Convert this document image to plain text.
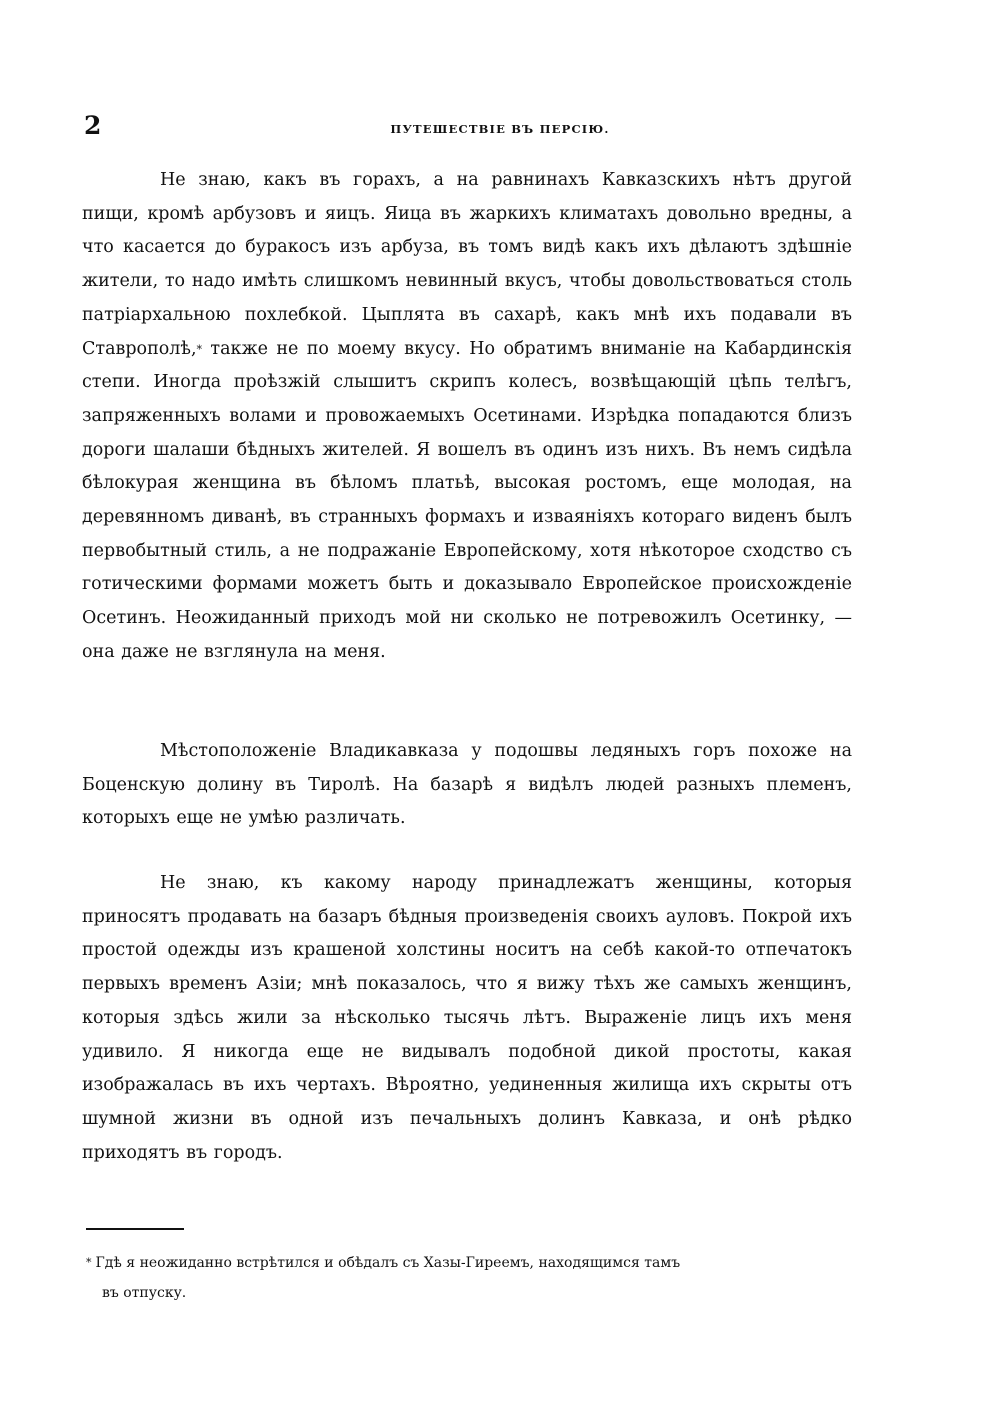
2	ПУТЕШЕСТВІЕ ВЪ ПЕРСІЮ.

Не знаю, какъ въ горахъ, а на равнинахъ Кавказскихъ нѣтъ другой пищи, кромѣ арбузовъ и яицъ. Яица въ жаркихъ климатахъ довольно вредны, а что касается до буракосъ изъ арбуза, въ томъ видѣ какъ ихъ дѣлаютъ здѣшніе жители, то надо имѣть слишкомъ невинный вкусъ, чтобы довольствоваться столь патріархальною похлебкой. Цыплята въ сахарѣ, какъ мнѣ ихъ подавали въ Ставрополѣ,* также не по моему вкусу. Но обратимъ вниманіе на Кабардинскія степи. Иногда проѣзжій слышитъ скрипъ колесъ, возвѣщающій цѣпь телѣгъ, запряженныхъ волами и провожаемыхъ Осетинами. Изрѣдка попадаются близъ дороги шалаши бѣдныхъ жителей. Я вошелъ въ одинъ изъ нихъ. Въ немъ сидѣла бѣлокурая женщина въ бѣломъ платьѣ, высокая ростомъ, еще молодая, на деревянномъ диванѣ, въ странныхъ формахъ и изваяніяхъ котораго виденъ былъ первобытный стиль, а не подражаніе Европейскому, хотя нѣкоторое сходство съ готическими формами можетъ быть и доказывало Европейское происхожденіе Осетинъ. Неожиданный приходъ мой ни сколько не потревожилъ Осетинку, — она даже не взглянула на меня.

Мѣстоположеніе Владикавказа у подошвы ледяныхъ горъ похоже на Боценскую долину въ Тиролѣ. На базарѣ я видѣлъ людей разныхъ племенъ, которыхъ еще не умѣю различать.

Не знаю, къ какому народу принадлежатъ женщины, которыя приносятъ продавать на базаръ бѣдныя произведенія своихъ ауловъ. Покрой ихъ простой одежды изъ крашеной холстины носитъ на себѣ какой-то отпечатокъ первыхъ временъ Азіи; мнѣ показалось, что я вижу тѣхъ же самыхъ женщинъ, которыя здѣсь жили за нѣсколько тысячь лѣтъ. Выраженіе лицъ ихъ меня удивило. Я никогда еще не видывалъ подобной дикой простоты, какая изображалась въ ихъ чертахъ. Вѣроятно, уединенныя жилища ихъ скрыты отъ шумной жизни въ одной изъ печальныхъ долинъ Кавказа, и онѣ рѣдко приходятъ въ городъ.

* Гдѣ я неожиданно встрѣтился и обѣдалъ съ Хазы-Гиреемъ, находящимся тамъ
въ отпуску.
